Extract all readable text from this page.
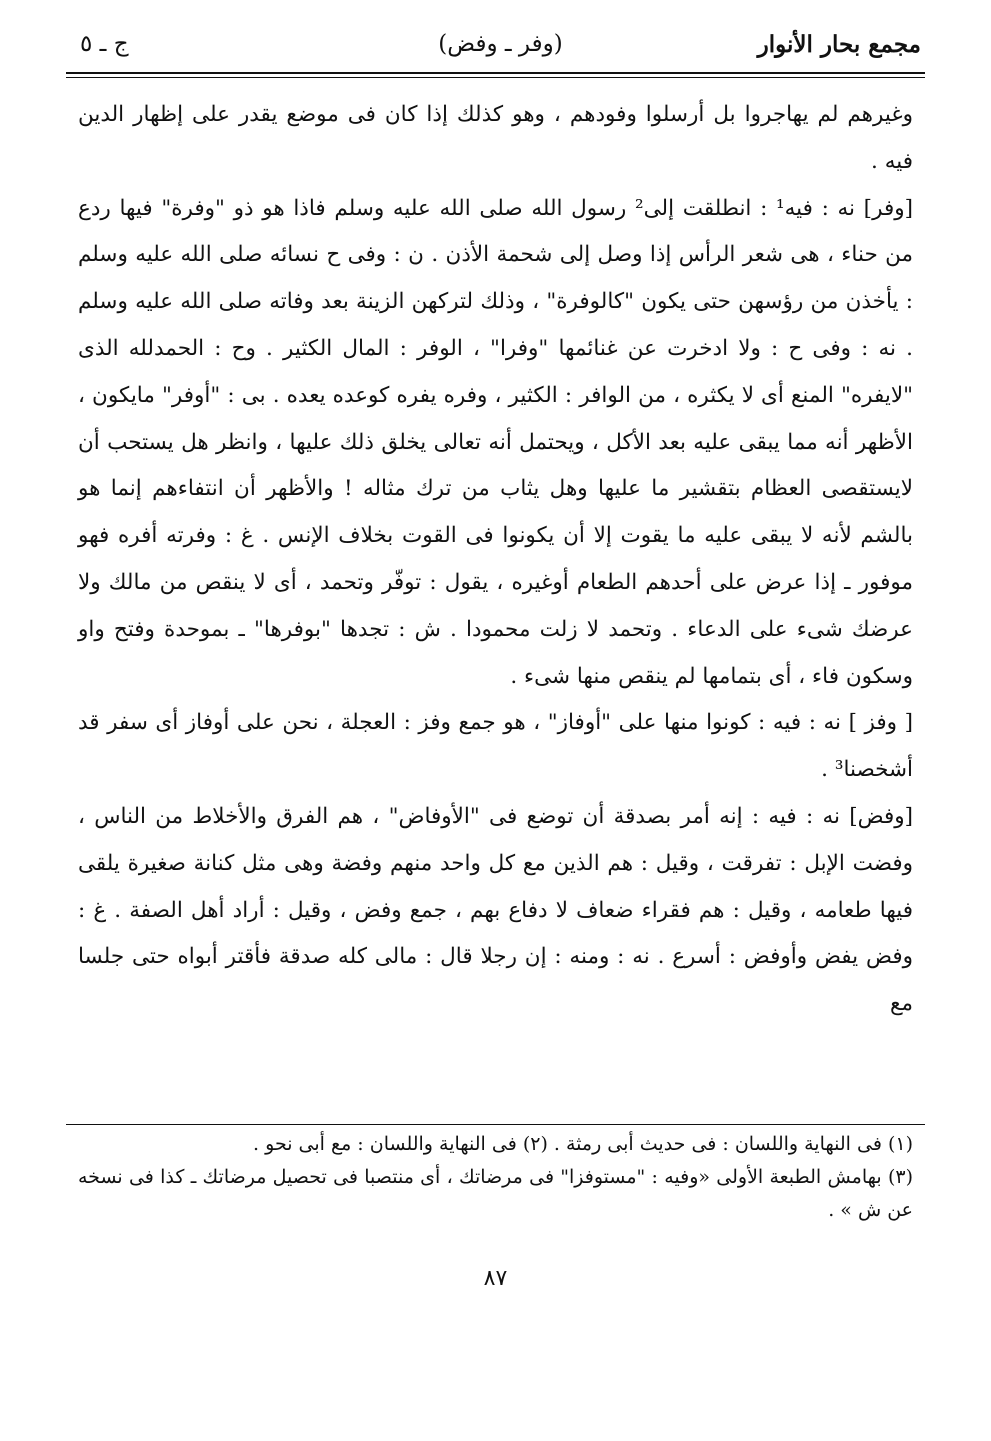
مجمع بحار الأنوار
(وفر ـ وفض)
ج ـ ٥

وغيرهم لم يهاجروا بل أرسلوا وفودهم ، وهو كذلك إذا كان فى موضع يقدر على إظهار الدين فيه .

[وفر] نه : فيه¹ : انطلقت إلى² رسول الله صلى الله عليه وسلم فاذا هو ذو "وفرة" فيها ردع من حناء ، هى شعر الرأس إذا وصل إلى شحمة الأذن . ن : وفى ح نسائه صلى الله عليه وسلم : يأخذن من رؤسهن حتى يكون "كالوفرة" ، وذلك لتركهن الزينة بعد وفاته صلى الله عليه وسلم . نه : وفى ح : ولا ادخرت عن غنائمها "وفرا" ، الوفر : المال الكثير . وح : الحمدلله الذى "لايفره" المنع أى لا يكثره ، من الوافر : الكثير ، وفره يفره كوعده يعده . بى : "أوفر" مايكون ، الأظهر أنه مما يبقى عليه بعد الأكل ، ويحتمل أنه تعالى يخلق ذلك عليها ، وانظر هل يستحب أن لايستقصى العظام بتقشير ما عليها وهل يثاب من ترك مثاله ! والأظهر أن انتفاءهم إنما هو بالشم لأنه لا يبقى عليه ما يقوت إلا أن يكونوا فى القوت بخلاف الإنس . غ : وفرته أفره فهو موفور ـ إذا عرض على أحدهم الطعام أوغيره ، يقول : توفّر وتحمد ، أى لا ينقص من مالك ولا عرضك شىء على الدعاء . وتحمد لا زلت محمودا . ش : تجدها "بوفرها" ـ بموحدة وفتح واو وسكون فاء ، أى بتمامها لم ينقص منها شىء .

[ وفز ] نه : فيه : كونوا منها على "أوفاز" ، هو جمع وفز : العجلة ، نحن على أوفاز أى سفر قد أشخصنا³ .

[وفض] نه : فيه : إنه أمر بصدقة أن توضع فى "الأوفاض" ، هم الفرق والأخلاط من الناس ، وفضت الإبل : تفرقت ، وقيل : هم الذين مع كل واحد منهم وفضة وهى مثل كنانة صغيرة يلقى فيها طعامه ، وقيل : هم فقراء ضعاف لا دفاع بهم ، جمع وفض ، وقيل : أراد أهل الصفة . غ : وفض يفض وأوفض : أسرع . نه : ومنه : إن رجلا قال : مالى كله صدقة فأقتر أبواه حتى جلسا مع

(١) فى النهاية واللسان : فى حديث أبى رمثة . (٢) فى النهاية واللسان : مع أبى نحو .

(٣) بهامش الطبعة الأولى «وفيه : "مستوفزا" فى مرضاتك ، أى منتصبا فى تحصيل مرضاتك ـ كذا فى نسخه عن ش » .

٨٧
